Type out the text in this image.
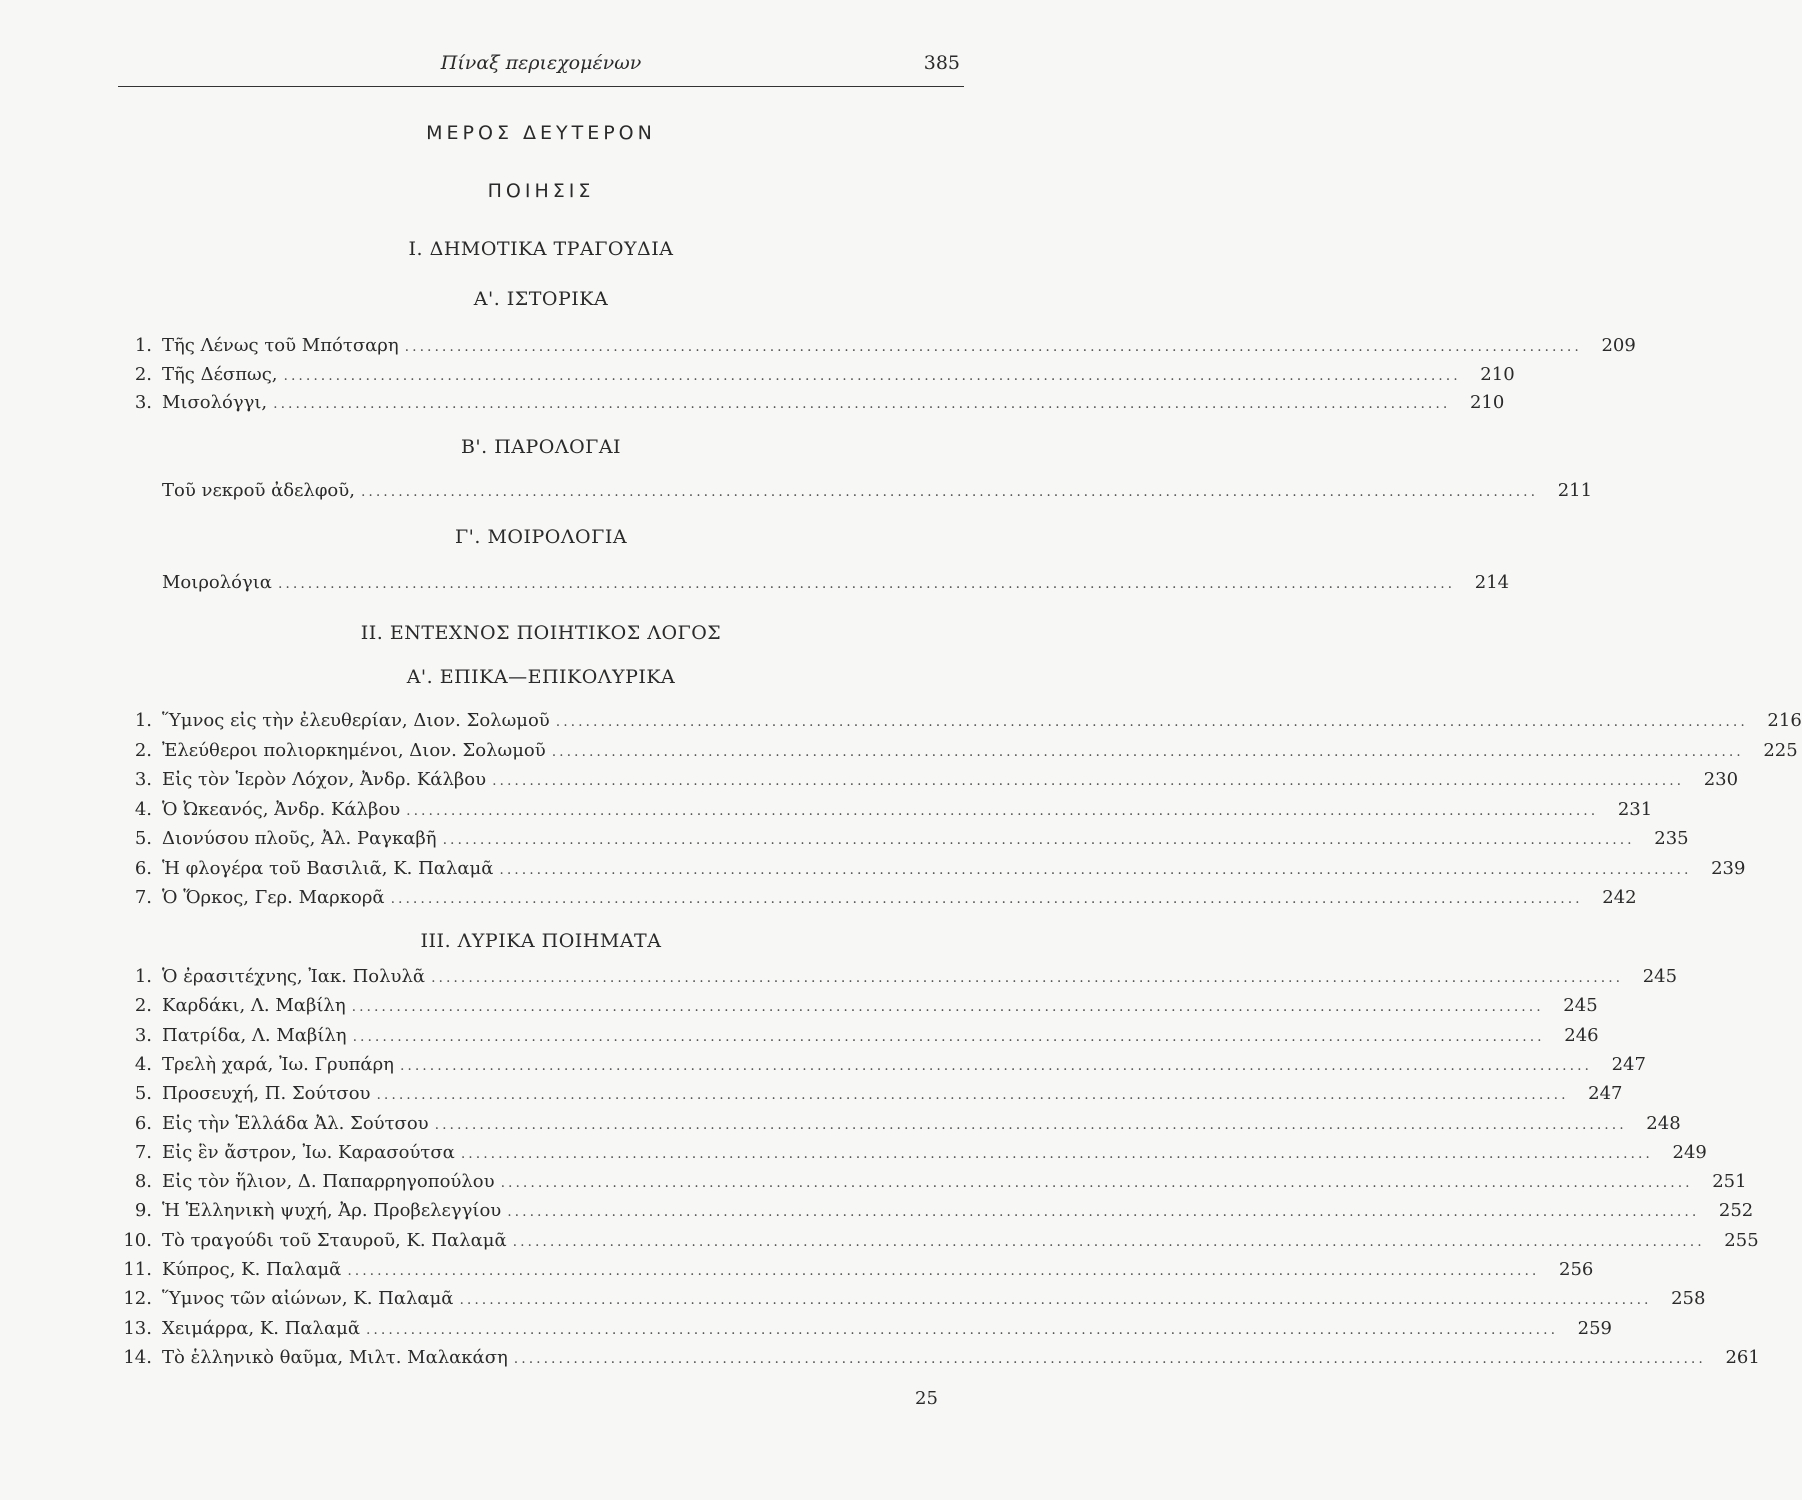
Πίναξ περιεχομένων	385
ΜΕΡΟΣ ΔΕΥΤΕΡΟΝ
ΠΟΙΗΣΙΣ
I. ΔΗΜΟΤΙΚΑ ΤΡΑΓΟΥΔΙΑ
Α'. ΙΣΤΟΡΙΚΑ
1. Τῆς Λένως τοῦ Μπότσαρη ..............................................................................................................................................................	209
2. Τῆς Δέσπως, ..............................................................................................................................................................	210
3. Μισολόγγι, ..............................................................................................................................................................	210
Β'. ΠΑΡΟΛΟΓΑΙ
Τοῦ νεκροῦ ἀδελφοῦ, ..............................................................................................................................................................	211
Γ'. ΜΟΙΡΟΛΟΓΙΑ
Μοιρολόγια ..............................................................................................................................................................	214
II. ΕΝΤΕΧΝΟΣ ΠΟΙΗΤΙΚΟΣ ΛΟΓΟΣ
Α'. ΕΠΙΚΑ—ΕΠΙΚΟΛΥΡΙΚΑ
1. Ὕμνος εἰς τὴν ἐλευθερίαν, Διον. Σολωμοῦ ................................................................................................................................................................	216
2. Ἐλεύθεροι πολιορκημένοι, Διον. Σολωμοῦ ................................................................................................................................................................	225
3. Εἰς τὸν Ἱερὸν Λόχον, Ἀνδρ. Κάλβου ................................................................................................................................................................	230
4. Ὁ Ὠκεανός, Ἀνδρ. Κάλβου ................................................................................................................................................................	231
5. Διονύσου πλοῦς, Ἀλ. Ραγκαβῆ ................................................................................................................................................................	235
6. Ἡ φλογέρα τοῦ Βασιλιᾶ, Κ. Παλαμᾶ ................................................................................................................................................................	239
7. Ὁ Ὅρκος, Γερ. Μαρκορᾶ ................................................................................................................................................................	242
III. ΛΥΡΙΚΑ ΠΟΙΗΜΑΤΑ
1. Ὁ ἐρασιτέχνης, Ἰακ. Πολυλᾶ ................................................................................................................................................................	245
2. Καρδάκι, Λ. Μαβίλη ................................................................................................................................................................	245
3. Πατρίδα, Λ. Μαβίλη ................................................................................................................................................................	246
4. Τρελὴ χαρά, Ἰω. Γρυπάρη ................................................................................................................................................................	247
5. Προσευχή, Π. Σούτσου ................................................................................................................................................................	247
6. Εἰς τὴν Ἑλλάδα Ἀλ. Σούτσου ................................................................................................................................................................	248
7. Εἰς ἓν ἄστρον, Ἰω. Καρασούτσα ................................................................................................................................................................	249
8. Εἰς τὸν ἥλιον, Δ. Παπαρρηγοπούλου ................................................................................................................................................................	251
9. Ἡ Ἑλληνικὴ ψυχή, Ἀρ. Προβελεγγίου ................................................................................................................................................................	252
10. Τὸ τραγούδι τοῦ Σταυροῦ, Κ. Παλαμᾶ ................................................................................................................................................................	255
11. Κύπρος, Κ. Παλαμᾶ ................................................................................................................................................................	256
12. Ὕμνος τῶν αἰώνων, Κ. Παλαμᾶ ................................................................................................................................................................	258
13. Χειμάρρα, Κ. Παλαμᾶ ................................................................................................................................................................	259
14. Τὸ ἑλληνικὸ θαῦμα, Μιλτ. Μαλακάση ................................................................................................................................................................	261
25
